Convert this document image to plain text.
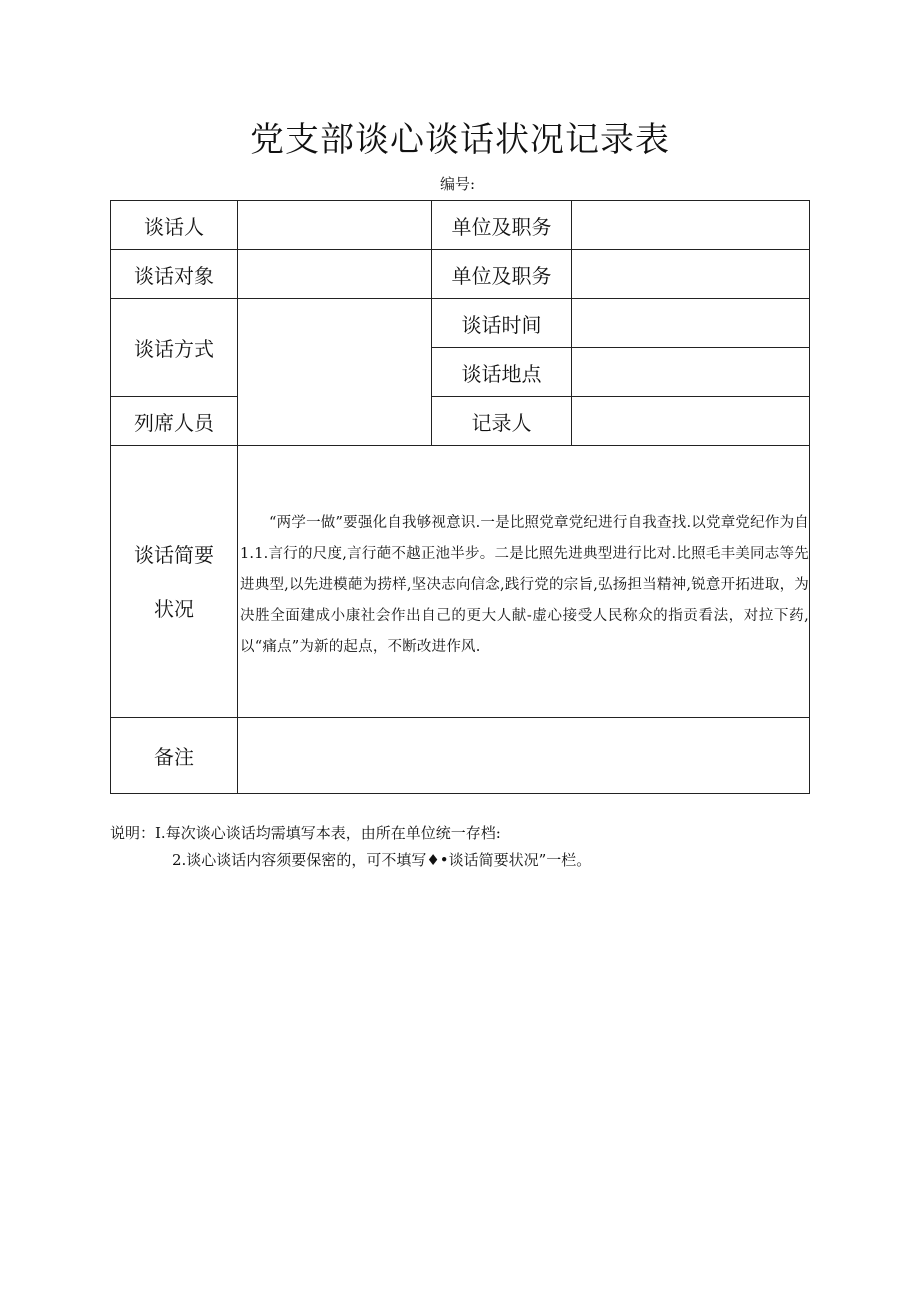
党支部谈心谈话状况记录表
编号:
谈话人		单位及职务	
谈话对象		单位及职务	
谈话方式		谈话时间	
		谈话地点	
列席人员		记录人	

谈话简要
状况	“两学一做”要强化自我够视意识.一是比照党章党纪进行自我查找.以党章党纪作为自1.1.言行的尺度,言行葩不越正池半步。二是比照先进典型进行比对.比照毛丰美同志等先进典型,以先进模葩为捞样,坚决志向信念,践行党的宗旨,弘扬担当精神,锐意开拓进取，为决胜全面建成小康社会作出自己的更大人献-虚心接受人民称众的指贡看法，对拉下药,以“痛点”为新的起点，不断改进作风.		

备注			
说明：I.每次谈心谈话均需填写本表，由所在单位统一存档:
2.谈心谈话内容须要保密的，可不填写♦•谈话简要状况”一栏。
